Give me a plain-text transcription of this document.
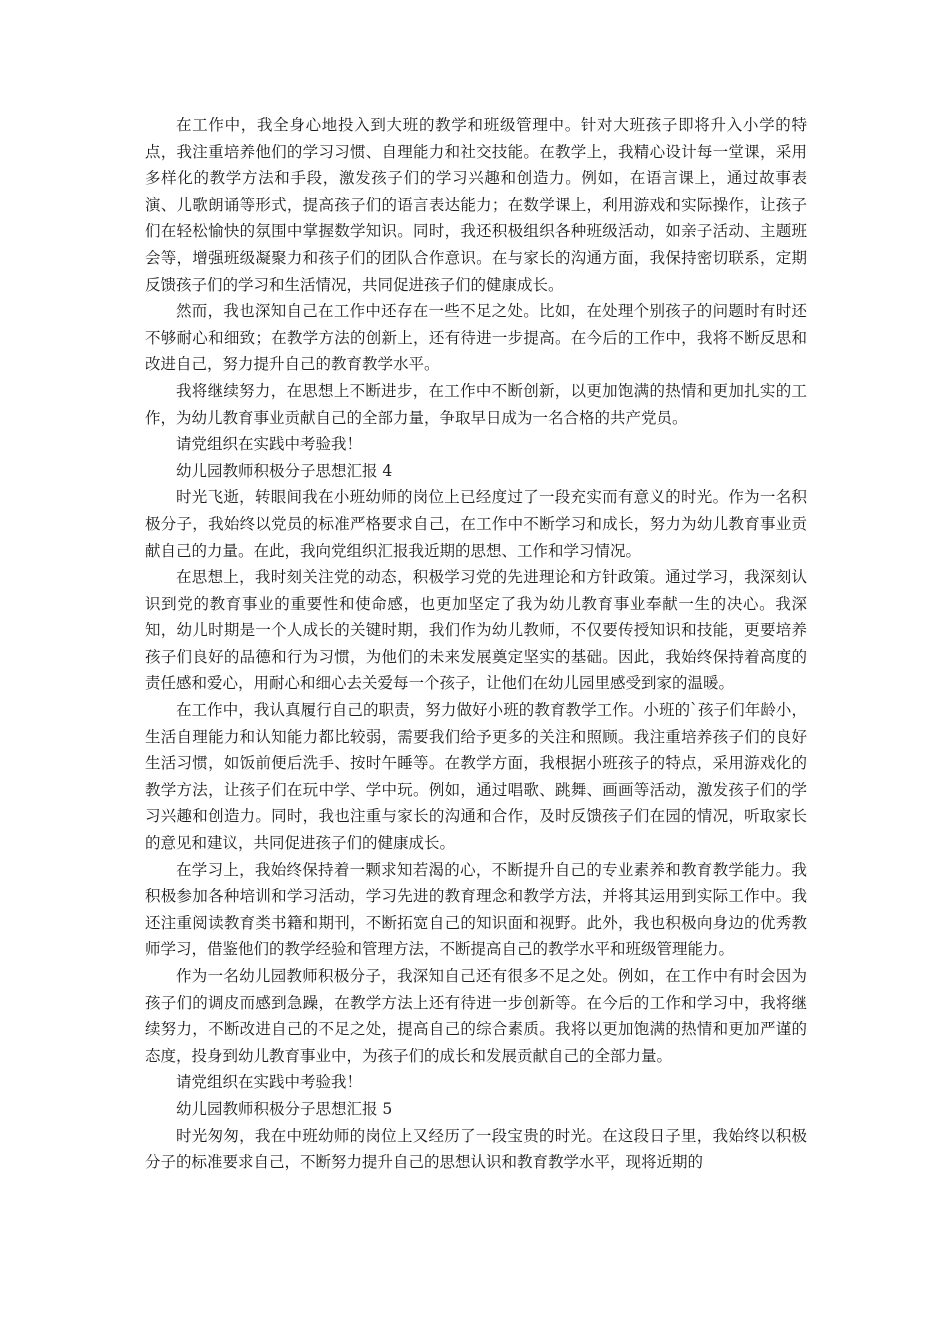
在工作中，我全身心地投入到大班的教学和班级管理中。针对大班孩子即将升入小学的特点，我注重培养他们的学习习惯、自理能力和社交技能。在教学上，我精心设计每一堂课，采用多样化的教学方法和手段，激发孩子们的学习兴趣和创造力。例如，在语言课上，通过故事表演、儿歌朗诵等形式，提高孩子们的语言表达能力；在数学课上，利用游戏和实际操作，让孩子们在轻松愉快的氛围中掌握数学知识。同时，我还积极组织各种班级活动，如亲子活动、主题班会等，增强班级凝聚力和孩子们的团队合作意识。在与家长的沟通方面，我保持密切联系，定期反馈孩子们的学习和生活情况，共同促进孩子们的健康成长。

然而，我也深知自己在工作中还存在一些不足之处。比如，在处理个别孩子的问题时有时还不够耐心和细致；在教学方法的创新上，还有待进一步提高。在今后的工作中，我将不断反思和改进自己，努力提升自己的教育教学水平。

我将继续努力，在思想上不断进步，在工作中不断创新，以更加饱满的热情和更加扎实的工作，为幼儿教育事业贡献自己的全部力量，争取早日成为一名合格的共产党员。

请党组织在实践中考验我！

幼儿园教师积极分子思想汇报 4

时光飞逝，转眼间我在小班幼师的岗位上已经度过了一段充实而有意义的时光。作为一名积极分子，我始终以党员的标准严格要求自己，在工作中不断学习和成长，努力为幼儿教育事业贡献自己的力量。在此，我向党组织汇报我近期的思想、工作和学习情况。

在思想上，我时刻关注党的动态，积极学习党的先进理论和方针政策。通过学习，我深刻认识到党的教育事业的重要性和使命感，也更加坚定了我为幼儿教育事业奉献一生的决心。我深知，幼儿时期是一个人成长的关键时期，我们作为幼儿教师，不仅要传授知识和技能，更要培养孩子们良好的品德和行为习惯，为他们的未来发展奠定坚实的基础。因此，我始终保持着高度的责任感和爱心，用耐心和细心去关爱每一个孩子，让他们在幼儿园里感受到家的温暖。

在工作中，我认真履行自己的职责，努力做好小班的教育教学工作。小班的`孩子们年龄小，生活自理能力和认知能力都比较弱，需要我们给予更多的关注和照顾。我注重培养孩子们的良好生活习惯，如饭前便后洗手、按时午睡等。在教学方面，我根据小班孩子的特点，采用游戏化的教学方法，让孩子们在玩中学、学中玩。例如，通过唱歌、跳舞、画画等活动，激发孩子们的学习兴趣和创造力。同时，我也注重与家长的沟通和合作，及时反馈孩子们在园的情况，听取家长的意见和建议，共同促进孩子们的健康成长。

在学习上，我始终保持着一颗求知若渴的心，不断提升自己的专业素养和教育教学能力。我积极参加各种培训和学习活动，学习先进的教育理念和教学方法，并将其运用到实际工作中。我还注重阅读教育类书籍和期刊，不断拓宽自己的知识面和视野。此外，我也积极向身边的优秀教师学习，借鉴他们的教学经验和管理方法，不断提高自己的教学水平和班级管理能力。

作为一名幼儿园教师积极分子，我深知自己还有很多不足之处。例如，在工作中有时会因为孩子们的调皮而感到急躁，在教学方法上还有待进一步创新等。在今后的工作和学习中，我将继续努力，不断改进自己的不足之处，提高自己的综合素质。我将以更加饱满的热情和更加严谨的态度，投身到幼儿教育事业中，为孩子们的成长和发展贡献自己的全部力量。

请党组织在实践中考验我！

幼儿园教师积极分子思想汇报 5

时光匆匆，我在中班幼师的岗位上又经历了一段宝贵的时光。在这段日子里，我始终以积极分子的标准要求自己，不断努力提升自己的思想认识和教育教学水平，现将近期的
